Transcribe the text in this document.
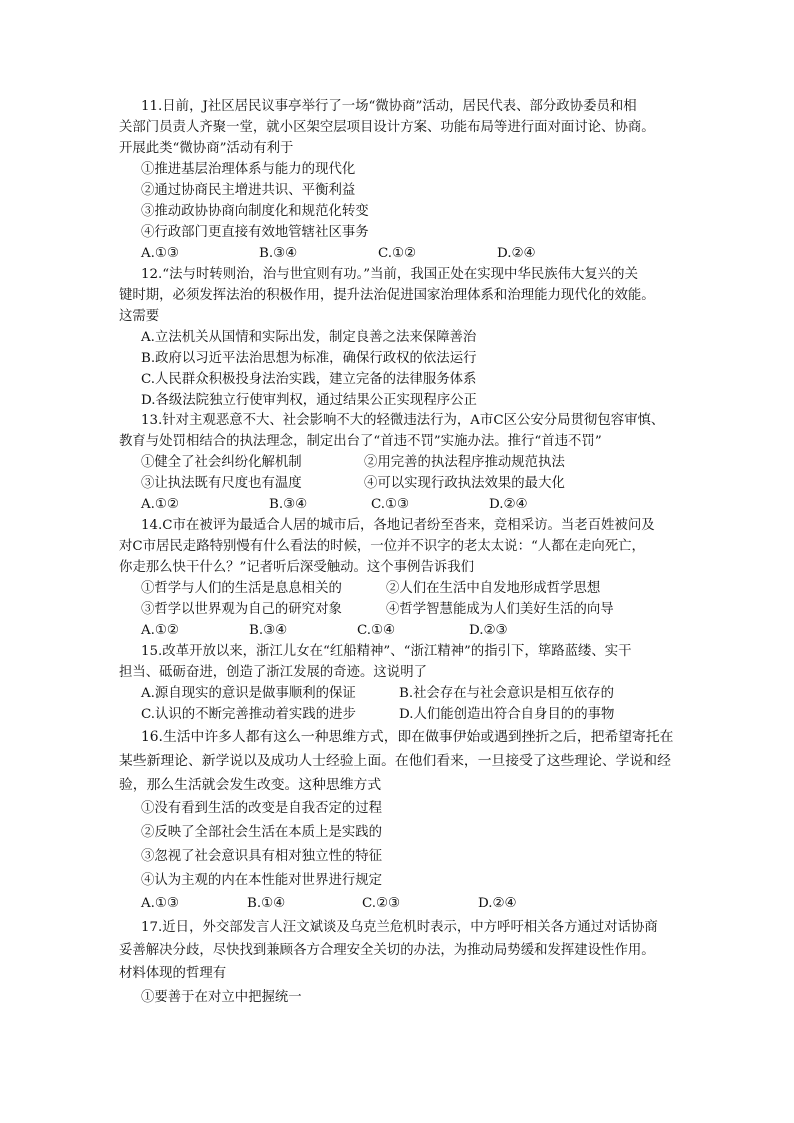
11.日前，J社区居民议事亭举行了一场“微协商”活动，居民代表、部分政协委员和相
关部门员责人齐聚一堂，就小区架空层项目设计方案、功能布局等进行面对面讨论、协商。
开展此类“微协商”活动有利于
①推进基层治理体系与能力的现代化
②通过协商民主增进共识、平衡利益
③推动政协协商向制度化和规范化转变
④行政部门更直接有效地管辖社区事务
A.①③	B.③④	C.①②	D.②④
12.“法与时转则治，治与世宜则有功。”当前，我国正处在实现中华民族伟大复兴的关
键时期，必须发挥法治的积极作用，提升法治促进国家治理体系和治理能力现代化的效能。
这需要
A.立法机关从国情和实际出发，制定良善之法来保障善治
B.政府以习近平法治思想为标准，确保行政权的依法运行
C.人民群众积极投身法治实践，建立完备的法律服务体系
D.各级法院独立行使审判权，通过结果公正实现程序公正
13.针对主观恶意不大、社会影响不大的轻微违法行为，A市C区公安分局贯彻包容审慎、
教育与处罚相结合的执法理念，制定出台了“首违不罚”实施办法。推行“首违不罚”
①健全了社会纠纷化解机制	②用完善的执法程序推动规范执法
③让执法既有尺度也有温度	④可以实现行政执法效果的最大化
A.①②	B.③④	C.①③	D.②④
14.C市在被评为最适合人居的城市后，各地记者纷至沓来，竞相采访。当老百姓被问及
对C市居民走路特别慢有什么看法的时候，一位并不识字的老太太说：“人都在走向死亡，
你走那么快干什么？”记者听后深受触动。这个事例告诉我们
①哲学与人们的生活是息息相关的	②人们在生活中自发地形成哲学思想
③哲学以世界观为自己的研究对象	④哲学智慧能成为人们美好生活的向导
A.①②	B.③④	C.①④	D.②③
15.改革开放以来，浙江儿女在“红船精神”、“浙江精神”的指引下，筚路蓝缕、实干
担当、砥砺奋进，创造了浙江发展的奇迹。这说明了
A.源自现实的意识是做事顺利的保证	B.社会存在与社会意识是相互依存的
C.认识的不断完善推动着实践的进步	D.人们能创造出符合自身目的的事物
16.生活中许多人都有这么一种思维方式，即在做事伊始或遇到挫折之后，把希望寄托在
某些新理论、新学说以及成功人士经验上面。在他们看来，一旦接受了这些理论、学说和经
验，那么生活就会发生改变。这种思维方式
①没有看到生活的改变是自我否定的过程
②反映了全部社会生活在本质上是实践的
③忽视了社会意识具有相对独立性的特征
④认为主观的内在本性能对世界进行规定
A.①③	B.①④	C.②③	D.②④
17.近日，外交部发言人汪文斌谈及乌克兰危机时表示，中方呼吁相关各方通过对话协商
妥善解决分歧，尽快找到兼顾各方合理安全关切的办法，为推动局势缓和发挥建设性作用。
材料体现的哲理有
①要善于在对立中把握统一
